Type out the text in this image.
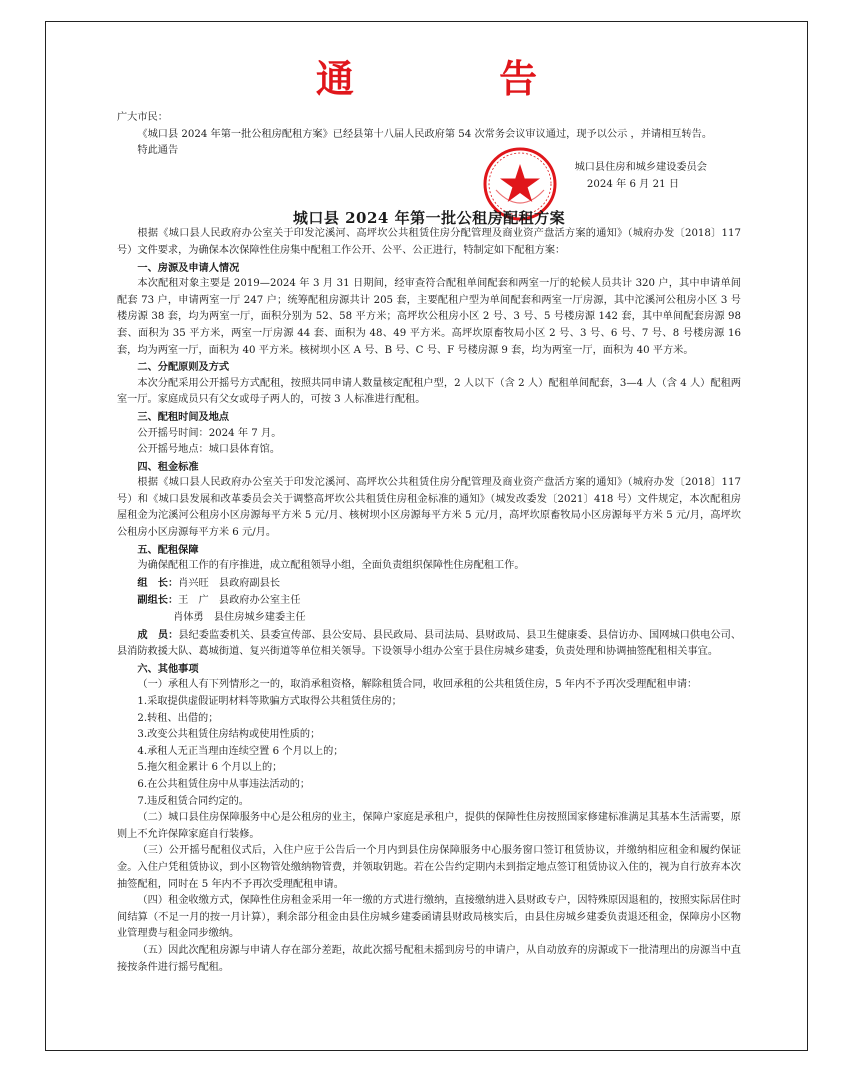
通 告

广大市民：

《城口县 2024 年第一批公租房配租方案》已经县第十八届人民政府第 54 次常务会议审议通过，现予以公示 ，并请相互转告。

特此通告

城口县住房和城乡建设委员会
2024 年 6 月 21 日

城口县 2024 年第一批公租房配租方案

根据《城口县人民政府办公室关于印发沱溪河、高坪坎公共租赁住房分配管理及商业资产盘活方案的通知》（城府办发〔2018〕117 号）文件要求，为确保本次保障性住房集中配租工作公开、公平、公正进行，特制定如下配租方案：

一、房源及申请人情况

本次配租对象主要是 2019—2024 年 3 月 31 日期间，经审查符合配租单间配套和两室一厅的轮候人员共计 320 户，其中申请单间配套 73 户，申请两室一厅 247 户；统筹配租房源共计 205 套，主要配租户型为单间配套和两室一厅房源，其中沱溪河公租房小区 3 号楼房源 38 套，均为两室一厅，面积分别为 52、58 平方米；高坪坎公租房小区 2 号、3 号、5 号楼房源 142 套，其中单间配套房源 98 套、面积为 35 平方米，两室一厅房源 44 套、面积为 48、49 平方米。高坪坎原畜牧局小区 2 号、3 号、6 号、7 号、8 号楼房源 16 套，均为两室一厅，面积为 40 平方米。核树坝小区 A 号、B 号、C 号、F 号楼房源 9 套，均为两室一厅，面积为 40 平方米。

二、分配原则及方式

本次分配采用公开摇号方式配租，按照共同申请人数量核定配租户型，2 人以下（含 2 人）配租单间配套，3—4 人（含 4 人）配租两室一厅。家庭成员只有父女或母子两人的，可按 3 人标准进行配租。

三、配租时间及地点

公开摇号时间：2024 年 7 月。

公开摇号地点：城口县体育馆。

四、租金标准

根据《城口县人民政府办公室关于印发沱溪河、高坪坎公共租赁住房分配管理及商业资产盘活方案的通知》（城府办发〔2018〕117 号）和《城口县发展和改革委员会关于调整高坪坎公共租赁住房租金标准的通知》（城发改委发〔2021〕418 号）文件规定，本次配租房屋租金为沱溪河公租房小区房源每平方米 5 元/月、核树坝小区房源每平方米 5 元/月，高坪坎原畜牧局小区房源每平方米 5 元/月，高坪坎公租房小区房源每平方米 6 元/月。

五、配租保障

为确保配租工作的有序推进，成立配租领导小组，全面负责组织保障性住房配租工作。

组　长：肖兴旺　县政府副县长

副组长：王　广　县政府办公室主任

肖体勇　县住房城乡建委主任

成　员：县纪委监委机关、县委宣传部、县公安局、县民政局、县司法局、县财政局、县卫生健康委、县信访办、国网城口供电公司、县消防救援大队、葛城街道、复兴街道等单位相关领导。下设领导小组办公室于县住房城乡建委，负责处理和协调抽签配租相关事宜。

六、其他事项

（一）承租人有下列情形之一的，取消承租资格，解除租赁合同，收回承租的公共租赁住房，5 年内不予再次受理配租申请：

1.采取提供虚假证明材料等欺骗方式取得公共租赁住房的；

2.转租、出借的；

3.改变公共租赁住房结构或使用性质的；

4.承租人无正当理由连续空置 6 个月以上的；

5.拖欠租金累计 6 个月以上的；

6.在公共租赁住房中从事违法活动的；

7.违反租赁合同约定的。

（二）城口县住房保障服务中心是公租房的业主，保障户家庭是承租户，提供的保障性住房按照国家修建标准满足其基本生活需要，原则上不允许保障家庭自行装修。

（三）公开摇号配租仪式后，入住户应于公告后一个月内到县住房保障服务中心服务窗口签订租赁协议，并缴纳相应租金和履约保证金。入住户凭租赁协议，到小区物管处缴纳物管费，并领取钥匙。若在公告约定期内未到指定地点签订租赁协议入住的，视为自行放弃本次抽签配租，同时在 5 年内不予再次受理配租申请。

（四）租金收缴方式，保障性住房租金采用一年一缴的方式进行缴纳，直接缴纳进入县财政专户，因特殊原因退租的，按照实际居住时间结算（不足一月的按一月计算），剩余部分租金由县住房城乡建委函请县财政局核实后，由县住房城乡建委负责退还租金，保障房小区物业管理费与租金同步缴纳。

（五）因此次配租房源与申请人存在部分差距，故此次摇号配租未摇到房号的申请户，从自动放弃的房源或下一批清理出的房源当中直接按条件进行摇号配租。
